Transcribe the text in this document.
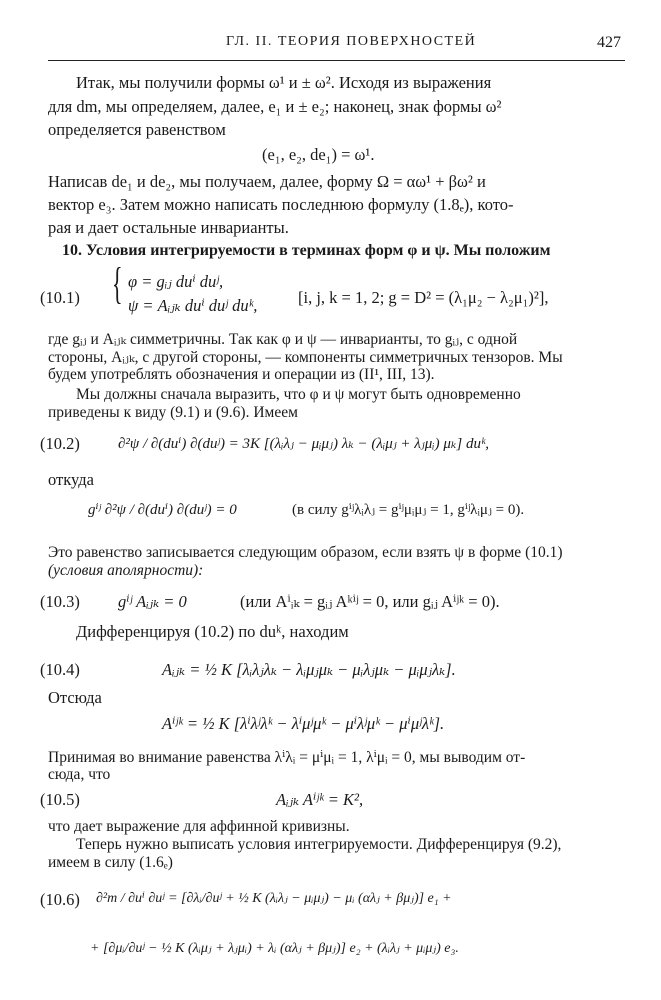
ГЛ. II. ТЕОРИЯ ПОВЕРХНОСТЕЙ	427
Итак, мы получили формы ω¹ и ± ω². Исходя из выражения
для dm, мы определяем, далее, e₁ и ± e₂; наконец, знак формы ω²
определяется равенством
(e₁, e₂, de₁) = ω¹.
Написав de₁ и de₂, мы получаем, далее, форму Ω = αω¹ + βω² и
вектор e₃. Затем можно написать последнюю формулу (1.8ₑ), кото-
рая и дает остальные инварианты.
10. Условия интегрируемости в терминах форм φ и ψ. Мы положим
(10.1) { φ = gᵢⱼ duⁱ duʲ,
ψ = Aᵢⱼₖ duⁱ duʲ duᵏ, [i, j, k = 1, 2; g = D² = (λ₁μ₂ − λ₂μ₁)²],
где gᵢⱼ и Aᵢⱼₖ симметричны. Так как φ и ψ — инварианты, то gᵢⱼ, с одной
стороны, Aᵢⱼₖ, с другой стороны, — компоненты симметричных тензоров. Мы
будем употреблять обозначения и операции из (II¹, III, 13).
Мы должны сначала выразить, что φ и ψ могут быть одновременно
приведены к виду (9.1) и (9.6). Имеем
(10.2)	∂²ψ / ∂(duⁱ) ∂(duʲ) = 3K [(λᵢλⱼ − μᵢμⱼ) λₖ − (λᵢμⱼ + λⱼμᵢ) μₖ] duᵏ,
откуда
gⁱʲ ∂²ψ / ∂(duⁱ) ∂(duʲ) = 0	(в силу gⁱʲλᵢλⱼ = gⁱʲμᵢμⱼ = 1, gⁱʲλᵢμⱼ = 0).
Это равенство записывается следующим образом, если взять ψ в форме (10.1)
(условия аполярности):
(10.3) gⁱʲ Aᵢⱼₖ = 0	(или Aⁱᵢₖ = gᵢⱼ Aᵏⁱʲ = 0, или gᵢⱼ Aⁱʲᵏ = 0).
Дифференцируя (10.2) по duᵏ, находим
(10.4)	Aᵢⱼₖ = ½ K [λᵢλⱼλₖ − λᵢμⱼμₖ − μᵢλⱼμₖ − μᵢμⱼλₖ].
Отсюда
Aⁱʲᵏ = ½ K [λⁱλʲλᵏ − λⁱμʲμᵏ − μⁱλʲμᵏ − μⁱμʲλᵏ].
Принимая во внимание равенства λⁱλᵢ = μⁱμᵢ = 1, λⁱμᵢ = 0, мы выводим от-
сюда, что
(10.5)	Aᵢⱼₖ Aⁱʲᵏ = K²,
что дает выражение для аффинной кривизны.
Теперь нужно выписать условия интегрируемости. Дифференцируя (9.2),
имеем в силу (1.6ₑ)
(10.6) ∂²m / ∂uⁱ ∂uʲ = [∂λᵢ/∂uʲ + ½ K (λᵢλⱼ − μᵢμⱼ) − μᵢ (αλⱼ + βμⱼ)] e₁ +
+ [∂μᵢ/∂uʲ − ½ K (λᵢμⱼ + λⱼμᵢ) + λᵢ (αλⱼ + βμⱼ)] e₂ + (λᵢλⱼ + μᵢμⱼ) e₃.
